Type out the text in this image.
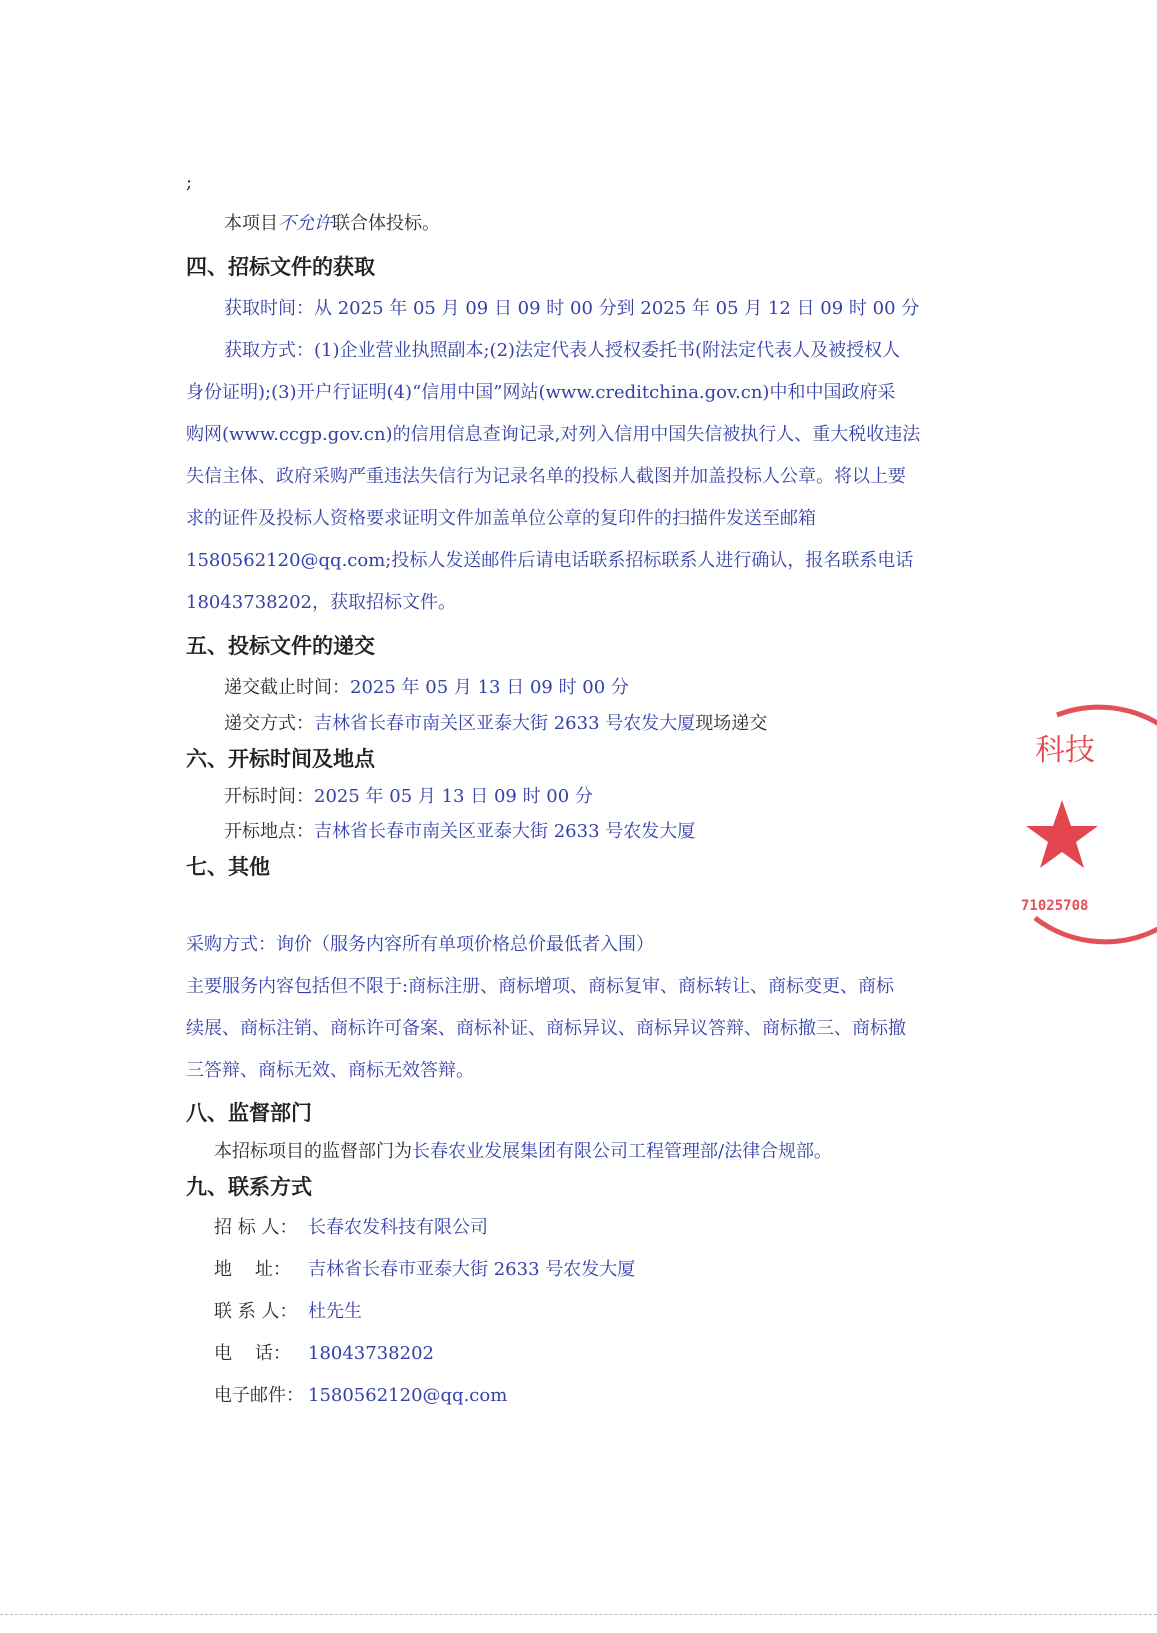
;
本项目不允许联合体投标。
四、招标文件的获取
获取时间：从 2025 年 05 月 09 日 09 时 00 分到 2025 年 05 月 12 日 09 时 00 分
获取方式：(1)企业营业执照副本;(2)法定代表人授权委托书(附法定代表人及被授权人
身份证明);(3)开户行证明(4)“信用中国”网站(www.creditchina.gov.cn)中和中国政府采
购网(www.ccgp.gov.cn)的信用信息查询记录,对列入信用中国失信被执行人、重大税收违法
失信主体、政府采购严重违法失信行为记录名单的投标人截图并加盖投标人公章。将以上要
求的证件及投标人资格要求证明文件加盖单位公章的复印件的扫描件发送至邮箱
1580562120@qq.com;投标人发送邮件后请电话联系招标联系人进行确认，报名联系电话
18043738202，获取招标文件。
五、投标文件的递交
递交截止时间：2025 年 05 月 13 日 09 时 00 分
递交方式：吉林省长春市南关区亚泰大街 2633 号农发大厦现场递交
六、开标时间及地点
开标时间：2025 年 05 月 13 日 09 时 00 分
开标地点：吉林省长春市南关区亚泰大街 2633 号农发大厦
七、其他
采购方式：询价（服务内容所有单项价格总价最低者入围）
主要服务内容包括但不限于:商标注册、商标增项、商标复审、商标转让、商标变更、商标
续展、商标注销、商标许可备案、商标补证、商标异议、商标异议答辩、商标撤三、商标撤
三答辩、商标无效、商标无效答辩。
八、监督部门
本招标项目的监督部门为长春农业发展集团有限公司工程管理部/法律合规部。
九、联系方式
招 标 人： 长春农发科技有限公司
地    址： 吉林省长春市亚泰大街 2633 号农发大厦
联 系 人： 杜先生
电    话： 18043738202
电子邮件： 1580562120@qq.com
科技
71025708
